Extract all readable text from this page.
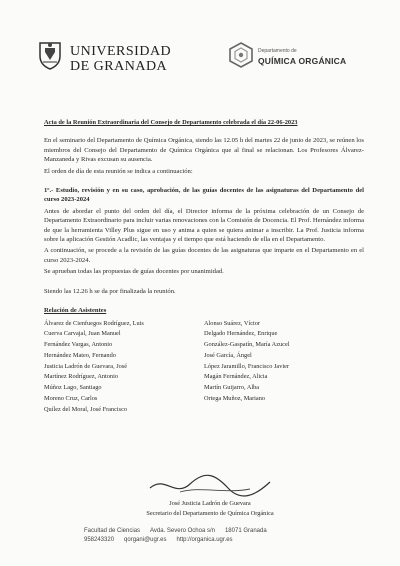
UNIVERSIDAD
DE GRANADA
Departamento de
QUÍMICA ORGÁNICA
Acta de la Reunión Extraordinaria del Consejo de Departamento celebrada el día 22-06-2023

En el seminario del Departamento de Química Orgánica, siendo las 12.05 h del martes 22 de junio de 2023, se reúnen los miembros del Consejo del Departamento de Química Orgánica que al final se relacionan. Los Profesores Álvarez-Manzaneda y Rivas excusan su ausencia.

El orden de día de esta reunión se indica a continuación:

1º.- Estudio, revisión y en su caso, aprobación, de las guías docentes de las asignaturas del Departamento del curso 2023-2024

Antes de abordar el punto del orden del día, el Director informa de la próxima celebración de un Consejo de Departamento Extraordinario para incluir varias renovaciones con la Comisión de Docencia. El Prof. Hernández informa de que la herramienta Villey Plus sigue en uso y anima a quien se quiera animar a inscribir. La Prof. Justicia informa sobre la aplicación Gestión Acadlic, las ventajas y el tiempo que está haciendo de ella en el Departamento.

A continuación, se procede a la revisión de las guías docentes de las asignaturas que imparte en el Departamento en el curso 2023-2024.

Se aprueban todas las propuestas de guías docentes por unanimidad.

Siendo las 12.26 h se da por finalizada la reunión.

Relación de Asistentes
Álvarez de Cienfuegos Rodríguez, Luis	Alonso Suárez, Víctor
Cuerva Carvajal, Juan Manuel	Delgado Hernández, Enrique
Fernández Vargas, Antonio	González-Gaspatín, María Azucel
Hernández Mateo, Fernando	José García, Ángel
Justicia Ladrón de Guevara, José	López Jaramillo, Francisco Javier
Martínez Rodríguez, Antonio	Magán Fernández, Alicia
Múñoz Lago, Santiago	Martín Guijarro, Alba
Moreno Cruz, Carlos	Ortega Muñoz, Mariano
Quílez del Moral, José Francisco
José Justicia Ladrón de Guevara
Secretario del Departamento de Química Orgánica
Facultad de Ciencias Avda. Severo Ochoa s/n 18071 Granada
958243320 qorgani@ugr.es http://organica.ugr.es
